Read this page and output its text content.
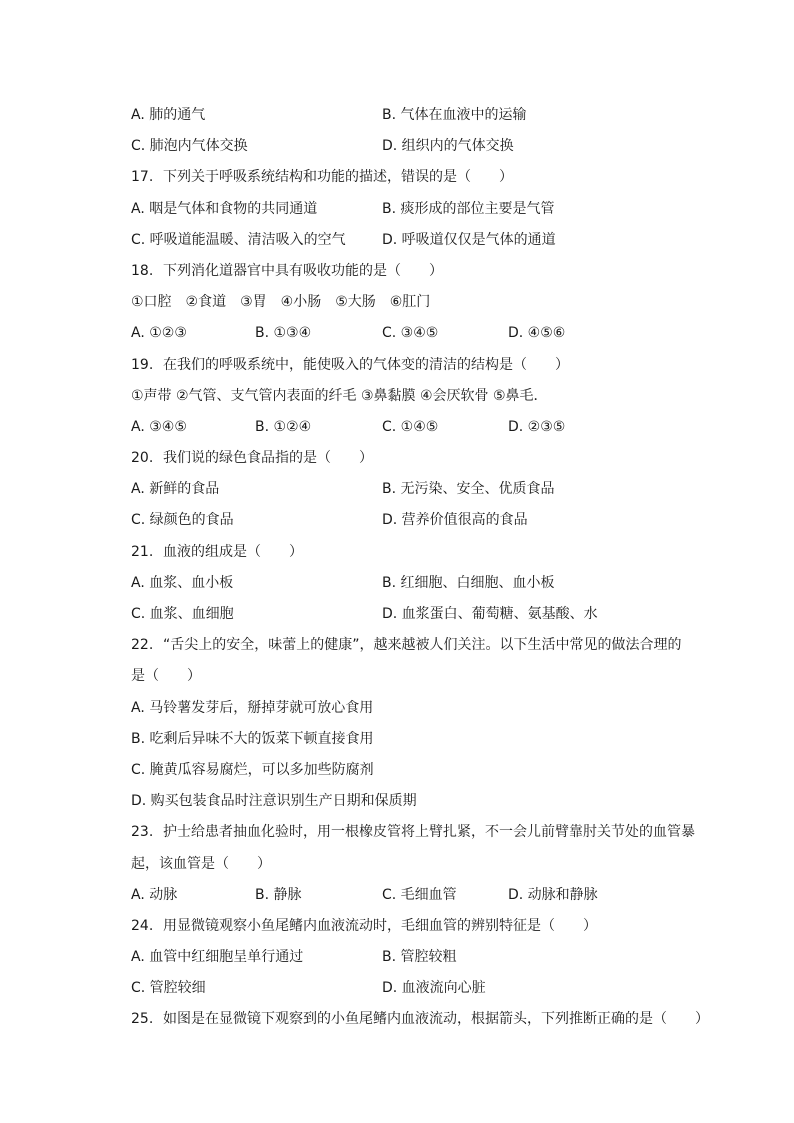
A. 肺的通气	B. 气体在血液中的运输
C. 肺泡内气体交换	D. 组织内的气体交换
17. 下列关于呼吸系统结构和功能的描述，错误的是（　　）
A. 咽是气体和食物的共同通道	B. 痰形成的部位主要是气管
C. 呼吸道能温暖、清洁吸入的空气	D. 呼吸道仅仅是气体的通道
18. 下列消化道器官中具有吸收功能的是（　　）
①口腔　②食道　③胃　④小肠　⑤大肠　⑥肛门
A. ①②③	B. ①③④	C. ③④⑤	D. ④⑤⑥
19. 在我们的呼吸系统中，能使吸入的气体变的清洁的结构是（　　）
①声带 ②气管、支气管内表面的纤毛 ③鼻黏膜 ④会厌软骨 ⑤鼻毛．
A. ③④⑤	B. ①②④	C. ①④⑤	D. ②③⑤
20. 我们说的绿色食品指的是（　　）
A. 新鲜的食品	B. 无污染、安全、优质食品
C. 绿颜色的食品	D. 营养价值很高的食品
21. 血液的组成是（　　）
A. 血浆、血小板	B. 红细胞、白细胞、血小板
C. 血浆、血细胞	D. 血浆蛋白、葡萄糖、氨基酸、水
22. “舌尖上的安全，味蕾上的健康”，越来越被人们关注。以下生活中常见的做法合理的
是（　　）
A. 马铃薯发芽后，掰掉芽就可放心食用
B. 吃剩后异味不大的饭菜下顿直接食用
C. 腌黄瓜容易腐烂，可以多加些防腐剂
D. 购买包装食品时注意识别生产日期和保质期
23. 护士给患者抽血化验时，用一根橡皮管将上臂扎紧，不一会儿前臂靠肘关节处的血管暴
起，该血管是（　　）
A. 动脉	B. 静脉	C. 毛细血管	D. 动脉和静脉
24. 用显微镜观察小鱼尾鳍内血液流动时，毛细血管的辨别特征是（　　）
A. 血管中红细胞呈单行通过	B. 管腔较粗
C. 管腔较细	D. 血液流向心脏
25. 如图是在显微镜下观察到的小鱼尾鳍内血液流动，根据箭头，下列推断正确的是（　　）
